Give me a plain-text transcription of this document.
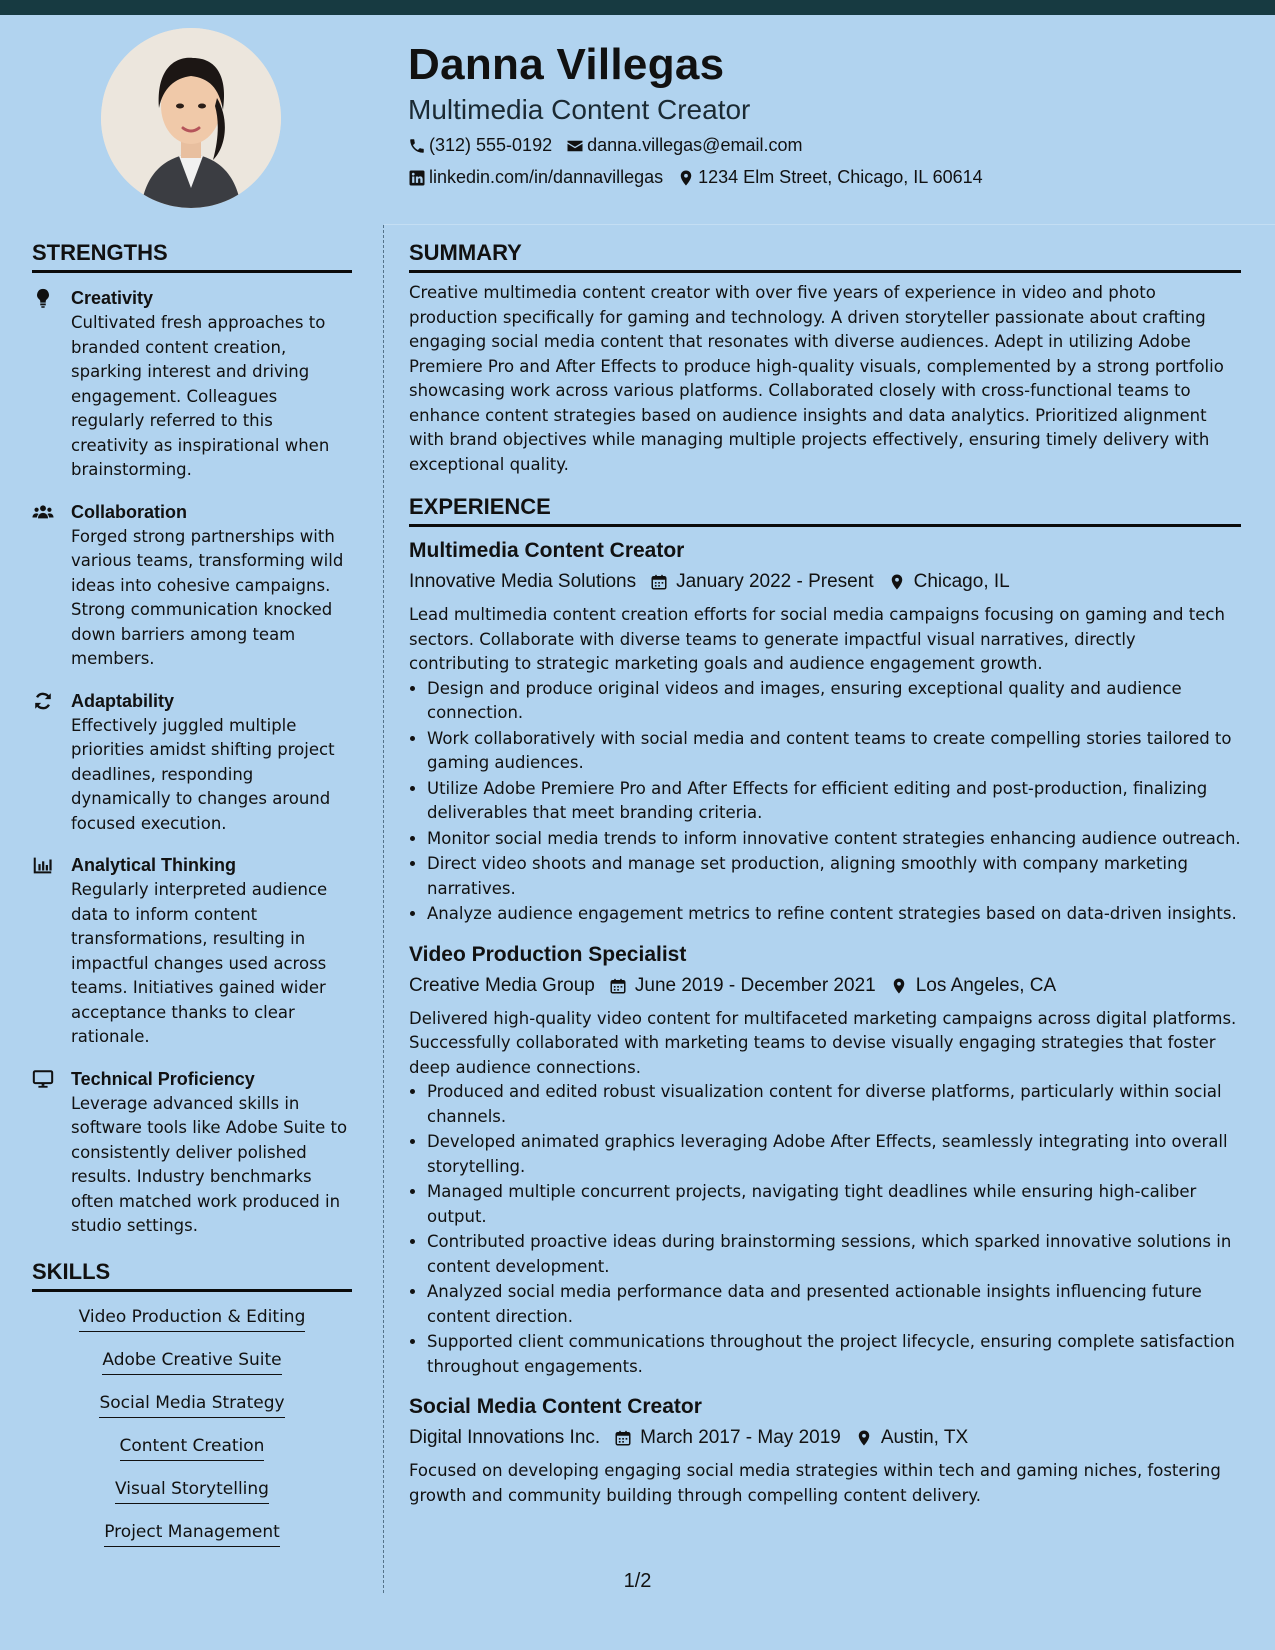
Danna Villegas
Multimedia Content Creator
(312) 555-0192 danna.villegas@email.com
linkedin.com/in/dannavillegas 1234 Elm Street, Chicago, IL 60614
STRENGTHS
Creativity
Cultivated fresh approaches to branded content creation, sparking interest and driving engagement. Colleagues regularly referred to this creativity as inspirational when brainstorming.
Collaboration
Forged strong partnerships with various teams, transforming wild ideas into cohesive campaigns. Strong communication knocked down barriers among team members.
Adaptability
Effectively juggled multiple priorities amidst shifting project deadlines, responding dynamically to changes around focused execution.
Analytical Thinking
Regularly interpreted audience data to inform content transformations, resulting in impactful changes used across teams. Initiatives gained wider acceptance thanks to clear rationale.
Technical Proficiency
Leverage advanced skills in software tools like Adobe Suite to consistently deliver polished results. Industry benchmarks often matched work produced in studio settings.
SKILLS
Video Production & Editing
Adobe Creative Suite
Social Media Strategy
Content Creation
Visual Storytelling
Project Management
SUMMARY

Creative multimedia content creator with over five years of experience in video and photo production specifically for gaming and technology. A driven storyteller passionate about crafting engaging social media content that resonates with diverse audiences. Adept in utilizing Adobe Premiere Pro and After Effects to produce high-quality visuals, complemented by a strong portfolio showcasing work across various platforms. Collaborated closely with cross-functional teams to enhance content strategies based on audience insights and data analytics. Prioritized alignment with brand objectives while managing multiple projects effectively, ensuring timely delivery with exceptional quality.

EXPERIENCE
Multimedia Content Creator
Innovative Media Solutions January 2022 - Present Chicago, IL

Lead multimedia content creation efforts for social media campaigns focusing on gaming and tech sectors. Collaborate with diverse teams to generate impactful visual narratives, directly contributing to strategic marketing goals and audience engagement growth.

• Design and produce original videos and images, ensuring exceptional quality and audience connection.
• Work collaboratively with social media and content teams to create compelling stories tailored to gaming audiences.
• Utilize Adobe Premiere Pro and After Effects for efficient editing and post-production, finalizing deliverables that meet branding criteria.
• Monitor social media trends to inform innovative content strategies enhancing audience outreach.
• Direct video shoots and manage set production, aligning smoothly with company marketing narratives.
• Analyze audience engagement metrics to refine content strategies based on data-driven insights.
Video Production Specialist
Creative Media Group June 2019 - December 2021 Los Angeles, CA

Delivered high-quality video content for multifaceted marketing campaigns across digital platforms. Successfully collaborated with marketing teams to devise visually engaging strategies that foster deep audience connections.

• Produced and edited robust visualization content for diverse platforms, particularly within social channels.
• Developed animated graphics leveraging Adobe After Effects, seamlessly integrating into overall storytelling.
• Managed multiple concurrent projects, navigating tight deadlines while ensuring high-caliber output.
• Contributed proactive ideas during brainstorming sessions, which sparked innovative solutions in content development.
• Analyzed social media performance data and presented actionable insights influencing future content direction.
• Supported client communications throughout the project lifecycle, ensuring complete satisfaction throughout engagements.
Social Media Content Creator
Digital Innovations Inc. March 2017 - May 2019 Austin, TX

Focused on developing engaging social media strategies within tech and gaming niches, fostering growth and community building through compelling content delivery.

1/2
